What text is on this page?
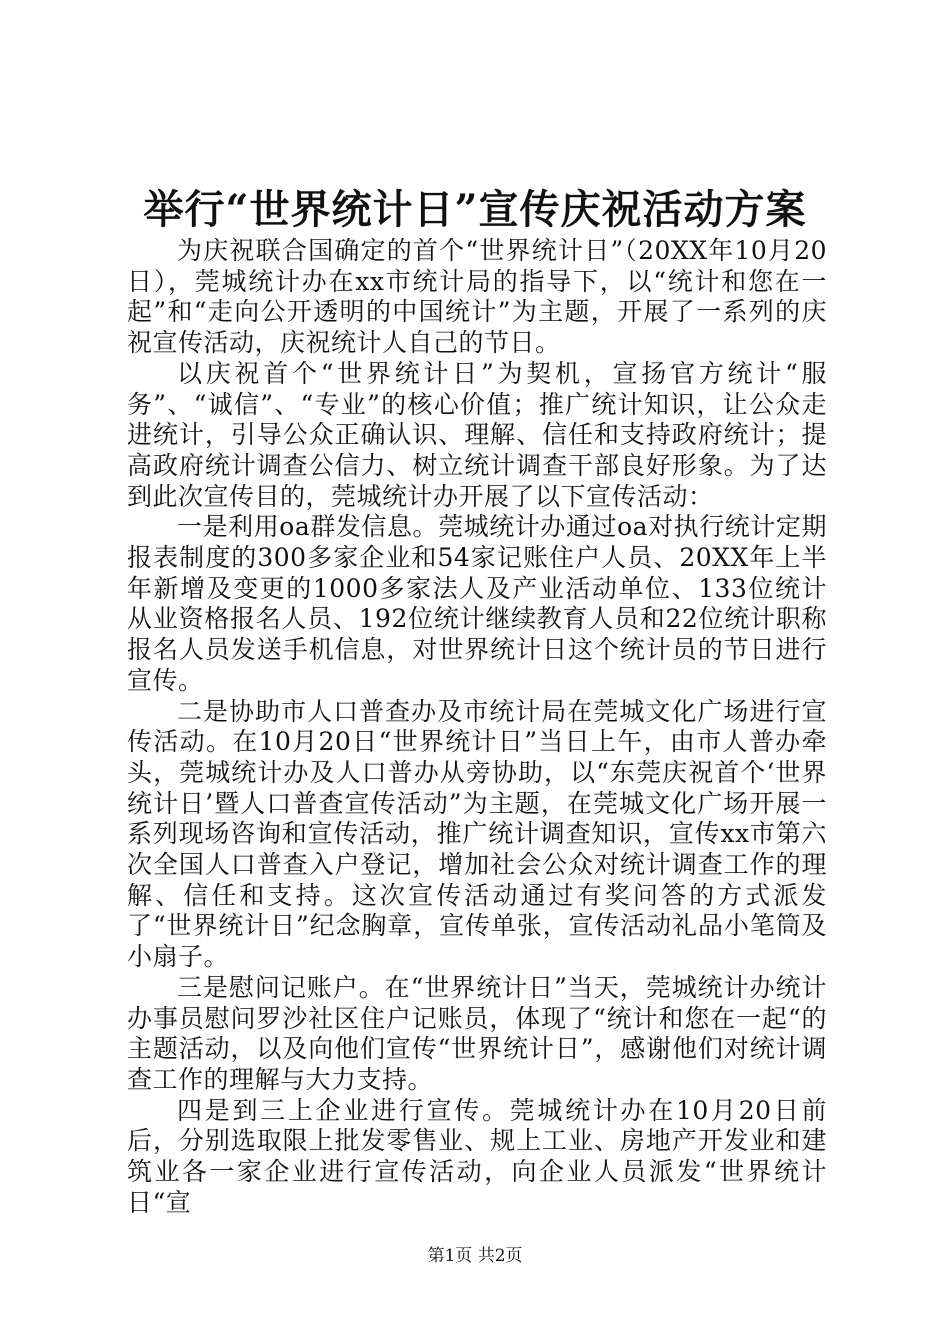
举行“世界统计日”宣传庆祝活动方案

为庆祝联合国确定的首个“世界统计日”（20XX年10月20日），莞城统计办在xx市统计局的指导下，以“统计和您在一起”和“走向公开透明的中国统计”为主题，开展了一系列的庆祝宣传活动，庆祝统计人自己的节日。

以庆祝首个“世界统计日”为契机，宣扬官方统计“服务”、“诚信”、“专业”的核心价值；推广统计知识，让公众走进统计，引导公众正确认识、理解、信任和支持政府统计；提高政府统计调查公信力、树立统计调查干部良好形象。为了达到此次宣传目的，莞城统计办开展了以下宣传活动：

一是利用oa群发信息。莞城统计办通过oa对执行统计定期报表制度的300多家企业和54家记账住户人员、20XX年上半年新增及变更的1000多家法人及产业活动单位、133位统计从业资格报名人员、192位统计继续教育人员和22位统计职称报名人员发送手机信息，对世界统计日这个统计员的节日进行宣传。

二是协助市人口普查办及市统计局在莞城文化广场进行宣传活动。在10月20日“世界统计日”当日上午，由市人普办牵头，莞城统计办及人口普办从旁协助，以“东莞庆祝首个‘世界统计日’暨人口普查宣传活动”为主题，在莞城文化广场开展一系列现场咨询和宣传活动，推广统计调查知识，宣传xx市第六次全国人口普查入户登记，增加社会公众对统计调查工作的理解、信任和支持。这次宣传活动通过有奖问答的方式派发了“世界统计日”纪念胸章，宣传单张，宣传活动礼品小笔筒及小扇子。

三是慰问记账户。在“世界统计日”当天，莞城统计办统计办事员慰问罗沙社区住户记账员，体现了“统计和您在一起“的主题活动，以及向他们宣传“世界统计日”，感谢他们对统计调查工作的理解与大力支持。

四是到三上企业进行宣传。莞城统计办在10月20日前后，分别选取限上批发零售业、规上工业、房地产开发业和建筑业各一家企业进行宣传活动，向企业人员派发“世界统计日“宣

第1页 共2页
